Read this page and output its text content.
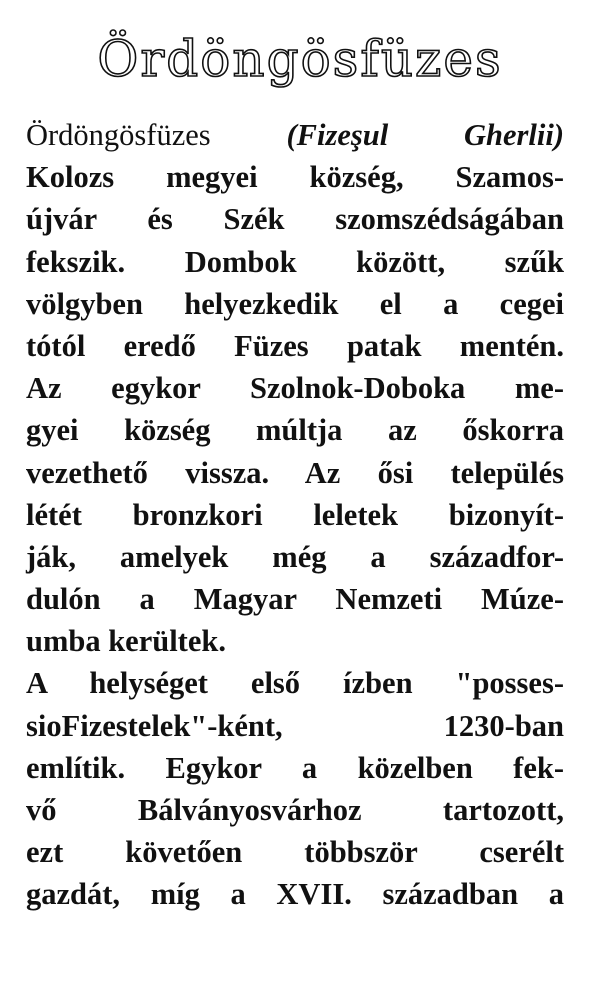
Ördöngösfüzes
Ördöngösfüzes (Fizeşul Gherlii)
Kolozs megyei község, Szamos-
újvár és Szék szomszédságában
fekszik. Dombok között, szűk
völgyben helyezkedik el a cegei
tótól eredő Füzes patak mentén.
Az egykor Szolnok-Doboka me-
gyei község múltja az őskorra
vezethető vissza. Az ősi település
létét bronzkori leletek bizonyít-
ják, amelyek még a századfor-
dulón a Magyar Nemzeti Múze-
umba kerültek.
A helységet első ízben "posses-
sioFizestelek"-ként, 1230-ban
említik. Egykor a közelben fek-
vő Bálványosvárhoz tartozott,
ezt követően többször cserélt
gazdát, míg a XVII. században a
